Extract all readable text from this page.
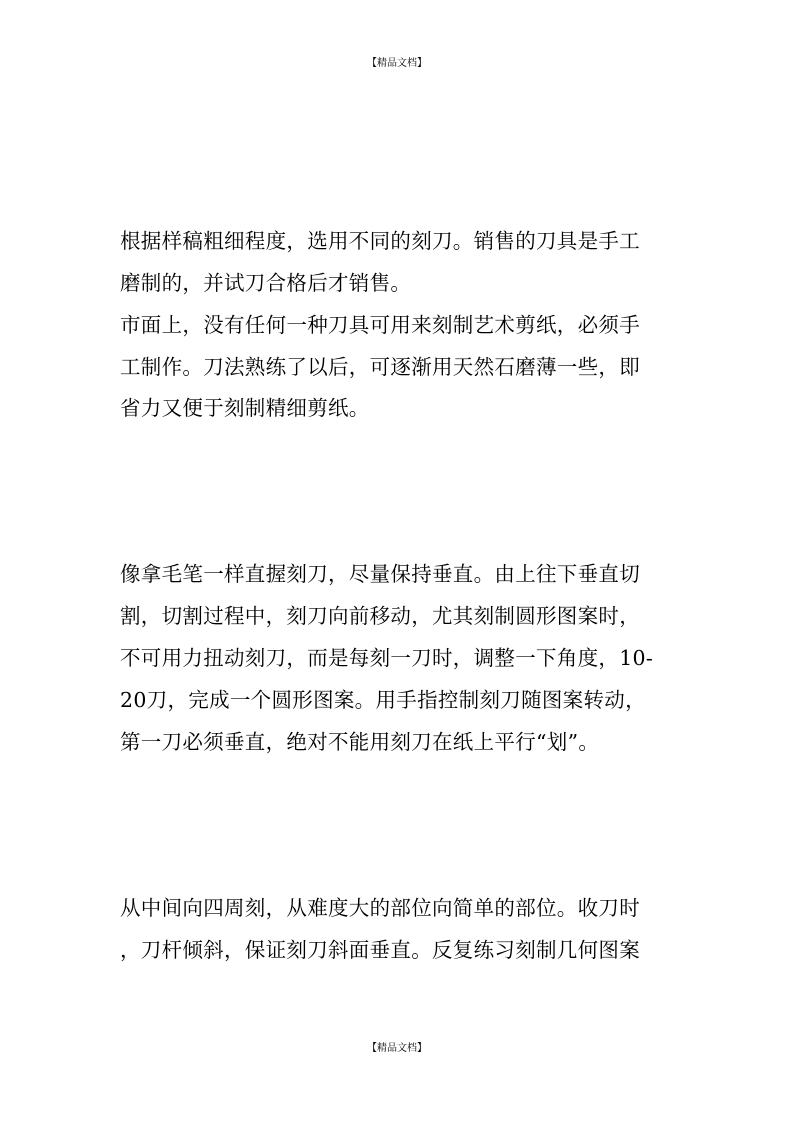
【精品文档】
根据样稿粗细程度，选用不同的刻刀。销售的刀具是手工
磨制的，并试刀合格后才销售。
市面上，没有任何一种刀具可用来刻制艺术剪纸，必须手
工制作。刀法熟练了以后，可逐渐用天然石磨薄一些，即
省力又便于刻制精细剪纸。
像拿毛笔一样直握刻刀，尽量保持垂直。由上往下垂直切
割，切割过程中，刻刀向前移动，尤其刻制圆形图案时，
不可用力扭动刻刀，而是每刻一刀时，调整一下角度，10-
20刀，完成一个圆形图案。用手指控制刻刀随图案转动，
第一刀必须垂直，绝对不能用刻刀在纸上平行“划”。
从中间向四周刻，从难度大的部位向简单的部位。收刀时
，刀杆倾斜，保证刻刀斜面垂直。反复练习刻制几何图案
【精品文档】
